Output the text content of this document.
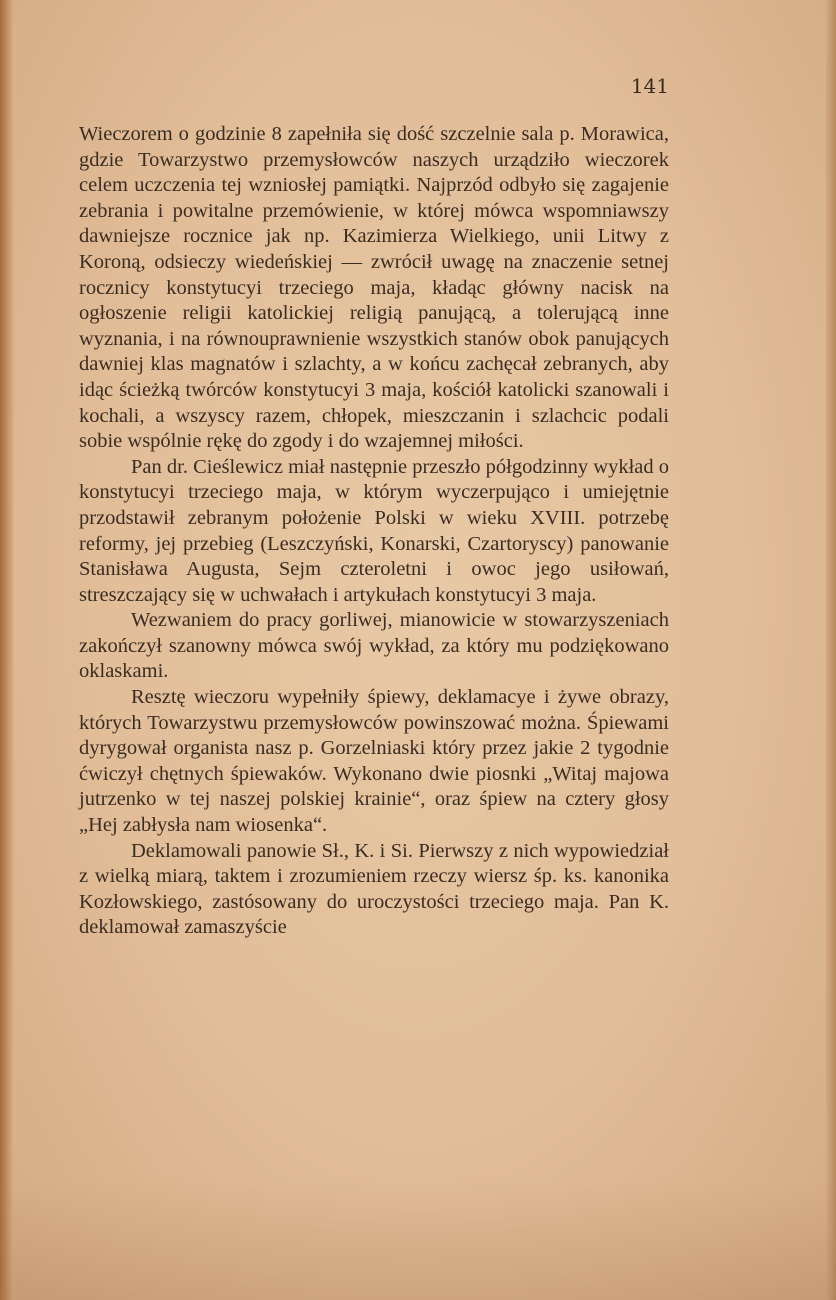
141

Wieczorem o godzinie 8 zapełniła się dość szczelnie sala p. Morawica, gdzie Towarzystwo przemysłowców naszych urządziło wieczorek celem uczczenia tej wzniosłej pamiątki. Najprzód odbyło się zagajenie zebrania i powitalne przemówienie, w której mówca wspomniawszy dawniejsze rocznice jak np. Kazimierza Wielkiego, unii Litwy z Koroną, odsieczy wiedeńskiej — zwrócił uwagę na znaczenie setnej rocznicy konstytucyi trzeciego maja, kładąc główny nacisk na ogłoszenie religii katolickiej religią panującą, a tolerującą inne wyznania, i na równouprawnienie wszystkich stanów obok panujących dawniej klas magnatów i szlachty, a w końcu zachęcał zebranych, aby idąc ścieżką twórców konstytucyi 3 maja, kościół katolicki szanowali i kochali, a wszyscy razem, chłopek, mieszczanin i szlachcic podali sobie wspólnie rękę do zgody i do wzajemnej miłości.

Pan dr. Cieślewicz miał następnie przeszło półgodzinny wykład o konstytucyi trzeciego maja, w którym wyczerpująco i umiejętnie przodstawił zebranym położenie Polski w wieku XVIII. potrzebę reformy, jej przebieg (Leszczyński, Konarski, Czartoryscy) panowanie Stanisława Augusta, Sejm czteroletni i owoc jego usiłowań, streszczający się w uchwałach i artykułach konstytucyi 3 maja.

Wezwaniem do pracy gorliwej, mianowicie w stowarzyszeniach zakończył szanowny mówca swój wykład, za który mu podziękowano oklaskami.

Resztę wieczoru wypełniły śpiewy, deklamacye i żywe obrazy, których Towarzystwu przemysłowców powinszować można. Śpiewami dyrygował organista nasz p. Gorzelniaski który przez jakie 2 tygodnie ćwiczył chętnych śpiewaków. Wykonano dwie piosnki „Witaj majowa jutrzenko w tej naszej polskiej krainie“, oraz śpiew na cztery głosy „Hej zabłysła nam wiosenka“.

Deklamowali panowie Sł., K. i Si. Pierwszy z nich wypowiedział z wielką miarą, taktem i zrozumieniem rzeczy wiersz śp. ks. kanonika Kozłowskiego, zastósowany do uroczystości trzeciego maja. Pan K. deklamował zamaszyście
